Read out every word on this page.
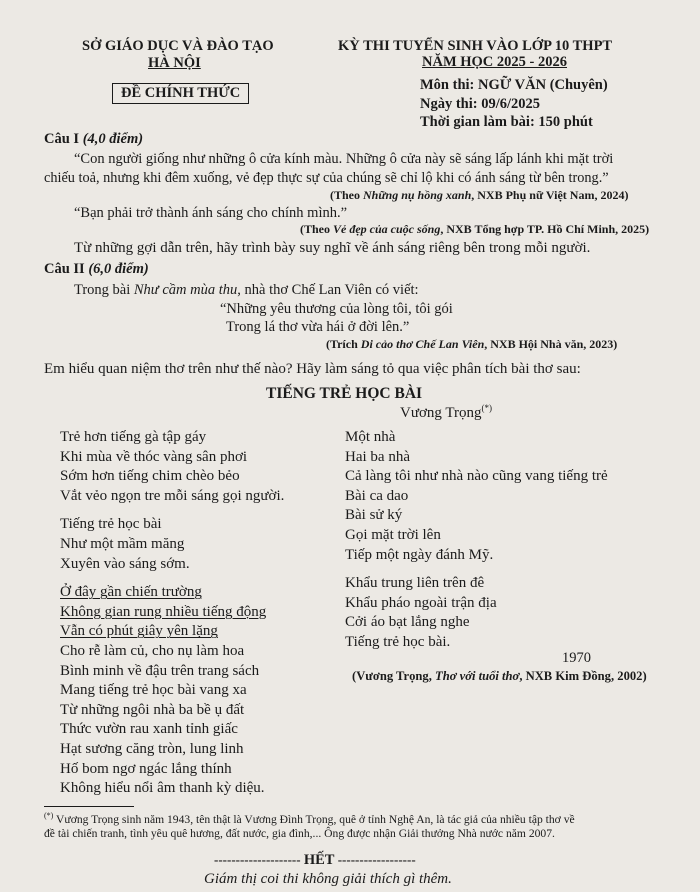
SỞ GIÁO DỤC VÀ ĐÀO TẠO
HÀ NỘI
ĐỀ CHÍNH THỨC
KỲ THI TUYỂN SINH VÀO LỚP 10 THPT
NĂM HỌC 2025 - 2026
Môn thi: NGỮ VĂN (Chuyên)
Ngày thi: 09/6/2025
Thời gian làm bài: 150 phút
Câu I (4,0 điểm)
“Con người giống như những ô cửa kính màu. Những ô cửa này sẽ sáng lấp lánh khi mặt trời
chiếu toả, nhưng khi đêm xuống, vẻ đẹp thực sự của chúng sẽ chỉ lộ khi có ánh sáng từ bên trong.”
(Theo Những nụ hồng xanh, NXB Phụ nữ Việt Nam, 2024)
“Bạn phải trở thành ánh sáng cho chính mình.”
(Theo Vẻ đẹp của cuộc sống, NXB Tổng hợp TP. Hồ Chí Minh, 2025)
Từ những gợi dẫn trên, hãy trình bày suy nghĩ về ánh sáng riêng bên trong mỗi người.
Câu II (6,0 điểm)
Trong bài Như cầm mùa thu, nhà thơ Chế Lan Viên có viết:
“Những yêu thương của lòng tôi, tôi gói
Trong lá thơ vừa hái ở đời lên.”
(Trích Di cảo thơ Chế Lan Viên, NXB Hội Nhà văn, 2023)
Em hiểu quan niệm thơ trên như thế nào? Hãy làm sáng tỏ qua việc phân tích bài thơ sau:
TIẾNG TRẺ HỌC BÀI
Vương Trọng(*)
Trẻ hơn tiếng gà tập gáy
Khi mùa về thóc vàng sân phơi
Sớm hơn tiếng chim chèo bẻo
Vắt vẻo ngọn tre mỗi sáng gọi người.
Tiếng trẻ học bài
Như một mầm măng
Xuyên vào sáng sớm.
Ở đây gần chiến trường
Không gian rung nhiều tiếng động
Vẫn có phút giây yên lặng
Cho rễ làm củ, cho nụ làm hoa
Bình minh về đậu trên trang sách
Mang tiếng trẻ học bài vang xa
Từ những ngôi nhà ba bề ụ đất
Thức vườn rau xanh tỉnh giấc
Hạt sương căng tròn, lung linh
Hố bom ngơ ngác lắng thính
Không hiểu nổi âm thanh kỳ diệu.
Một nhà
Hai ba nhà
Cả làng tôi như nhà nào cũng vang tiếng trẻ
Bài ca dao
Bài sử ký
Gọi mặt trời lên
Tiếp một ngày đánh Mỹ.
Khẩu trung liên trên đê
Khẩu pháo ngoài trận địa
Cởi áo bạt lắng nghe
Tiếng trẻ học bài.
1970
(Vương Trọng, Thơ với tuổi thơ, NXB Kim Đồng, 2002)
(*) Vương Trọng sinh năm 1943, tên thật là Vương Đình Trọng, quê ở tỉnh Nghệ An, là tác giả của nhiều tập thơ về
đề tài chiến tranh, tình yêu quê hương, đất nước, gia đình,... Ông được nhận Giải thưởng Nhà nước năm 2007.
-------------------- HẾT ------------------
Giám thị coi thi không giải thích gì thêm.
